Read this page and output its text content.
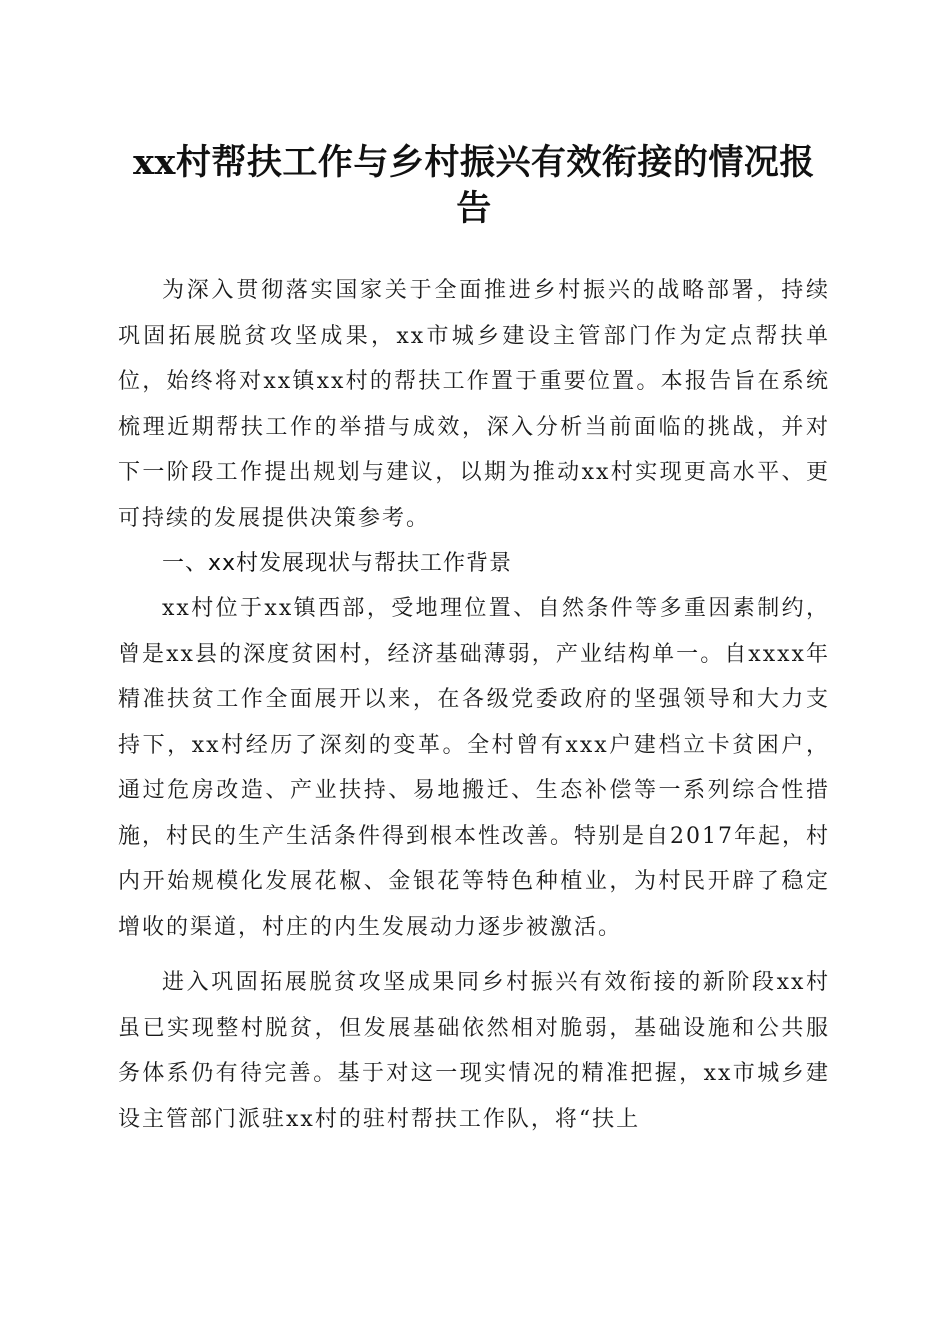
xx村帮扶工作与乡村振兴有效衔接的情况报告

为深入贯彻落实国家关于全面推进乡村振兴的战略部署，持续巩固拓展脱贫攻坚成果，xx市城乡建设主管部门作为定点帮扶单位，始终将对xx镇xx村的帮扶工作置于重要位置。本报告旨在系统梳理近期帮扶工作的举措与成效，深入分析当前面临的挑战，并对下一阶段工作提出规划与建议，以期为推动xx村实现更高水平、更可持续的发展提供决策参考。

一、xx村发展现状与帮扶工作背景

xx村位于xx镇西部，受地理位置、自然条件等多重因素制约，曾是xx县的深度贫困村，经济基础薄弱，产业结构单一。自xxxx年精准扶贫工作全面展开以来，在各级党委政府的坚强领导和大力支持下，xx村经历了深刻的变革。全村曾有xxx户建档立卡贫困户，通过危房改造、产业扶持、易地搬迁、生态补偿等一系列综合性措施，村民的生产生活条件得到根本性改善。特别是自2017年起，村内开始规模化发展花椒、金银花等特色种植业，为村民开辟了稳定增收的渠道，村庄的内生发展动力逐步被激活。

进入巩固拓展脱贫攻坚成果同乡村振兴有效衔接的新阶段xx村虽已实现整村脱贫，但发展基础依然相对脆弱，基础设施和公共服务体系仍有待完善。基于对这一现实情况的精准把握，xx市城乡建设主管部门派驻xx村的驻村帮扶工作队，将“扶上
